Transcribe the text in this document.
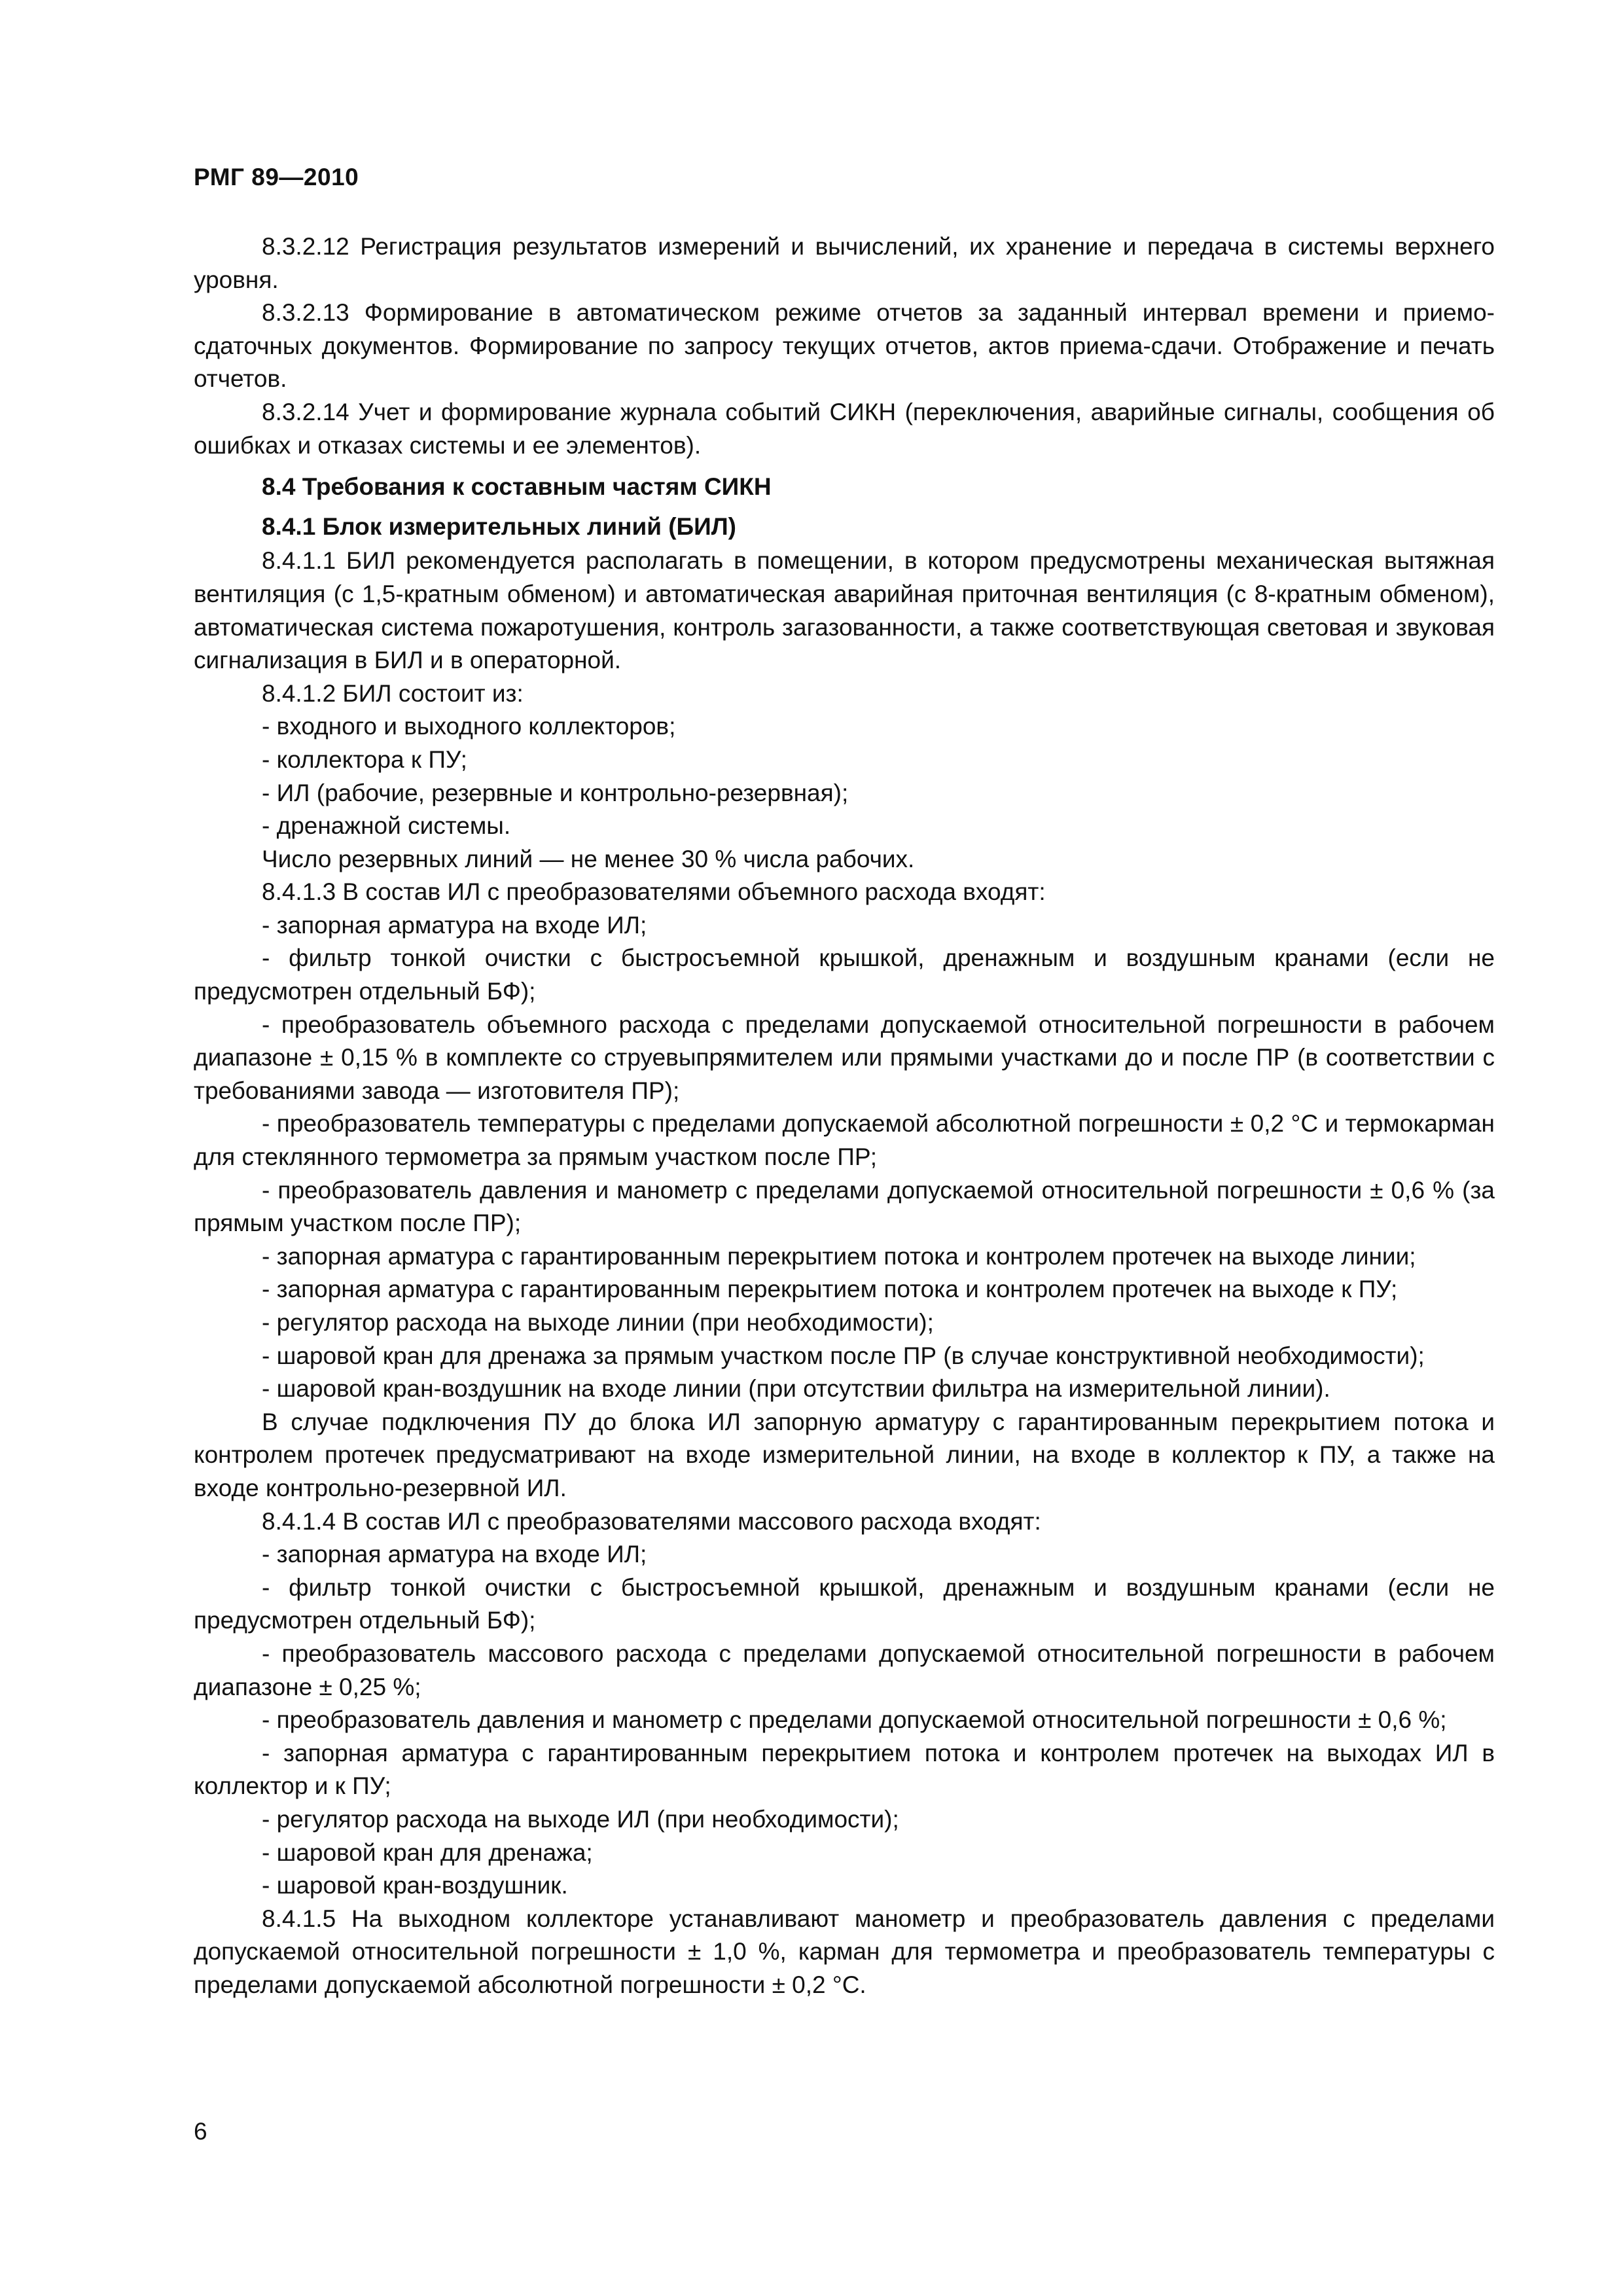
РМГ 89—2010

8.3.2.12 Регистрация результатов измерений и вычислений, их хранение и передача в системы верхнего уровня.

8.3.2.13 Формирование в автоматическом режиме отчетов за заданный интервал времени и приемо-сдаточных документов. Формирование по запросу текущих отчетов, актов приема-сдачи. Отображение и печать отчетов.

8.3.2.14 Учет и формирование журнала событий СИКН (переключения, аварийные сигналы, сообщения об ошибках и отказах системы и ее элементов).

8.4 Требования к составным частям СИКН

8.4.1 Блок измерительных линий (БИЛ)

8.4.1.1 БИЛ рекомендуется располагать в помещении, в котором предусмотрены механическая вытяжная вентиляция (с 1,5-кратным обменом) и автоматическая аварийная приточная вентиляция (с 8-кратным обменом), автоматическая система пожаротушения, контроль загазованности, а также соответствующая световая и звуковая сигнализация в БИЛ и в операторной.

8.4.1.2 БИЛ состоит из:

- входного и выходного коллекторов;

- коллектора к ПУ;

- ИЛ (рабочие, резервные и контрольно-резервная);

- дренажной системы.

Число резервных линий — не менее 30 % числа рабочих.

8.4.1.3 В состав ИЛ с преобразователями объемного расхода входят:

- запорная арматура на входе ИЛ;

- фильтр тонкой очистки с быстросъемной крышкой, дренажным и воздушным кранами (если не предусмотрен отдельный БФ);

- преобразователь объемного расхода с пределами допускаемой относительной погрешности в рабочем диапазоне ± 0,15 % в комплекте со струевыпрямителем или прямыми участками до и после ПР (в соответствии с требованиями завода — изготовителя ПР);

- преобразователь температуры с пределами допускаемой абсолютной погрешности ± 0,2 °С и термокарман для стеклянного термометра за прямым участком после ПР;

- преобразователь давления и манометр с пределами допускаемой относительной погрешности ± 0,6 % (за прямым участком после ПР);

- запорная арматура с гарантированным перекрытием потока и контролем протечек на выходе линии;

- запорная арматура с гарантированным перекрытием потока и контролем протечек на выходе к ПУ;

- регулятор расхода на выходе линии (при необходимости);

- шаровой кран для дренажа за прямым участком после ПР (в случае конструктивной необходимости);

- шаровой кран-воздушник на входе линии (при отсутствии фильтра на измерительной линии).

В случае подключения ПУ до блока ИЛ запорную арматуру с гарантированным перекрытием потока и контролем протечек предусматривают на входе измерительной линии, на входе в коллектор к ПУ, а также на входе контрольно-резервной ИЛ.

8.4.1.4 В состав ИЛ с преобразователями массового расхода входят:

- запорная арматура на входе ИЛ;

- фильтр тонкой очистки с быстросъемной крышкой, дренажным и воздушным кранами (если не предусмотрен отдельный БФ);

- преобразователь массового расхода с пределами допускаемой относительной погрешности в рабочем диапазоне ± 0,25 %;

- преобразователь давления и манометр с пределами допускаемой относительной погрешности ± 0,6 %;

- запорная арматура с гарантированным перекрытием потока и контролем протечек на выходах ИЛ в коллектор и к ПУ;

- регулятор расхода на выходе ИЛ (при необходимости);

- шаровой кран для дренажа;

- шаровой кран-воздушник.

8.4.1.5 На выходном коллекторе устанавливают манометр и преобразователь давления с пределами допускаемой относительной погрешности ± 1,0 %, карман для термометра и преобразователь температуры с пределами допускаемой абсолютной погрешности ± 0,2 °С.

6
